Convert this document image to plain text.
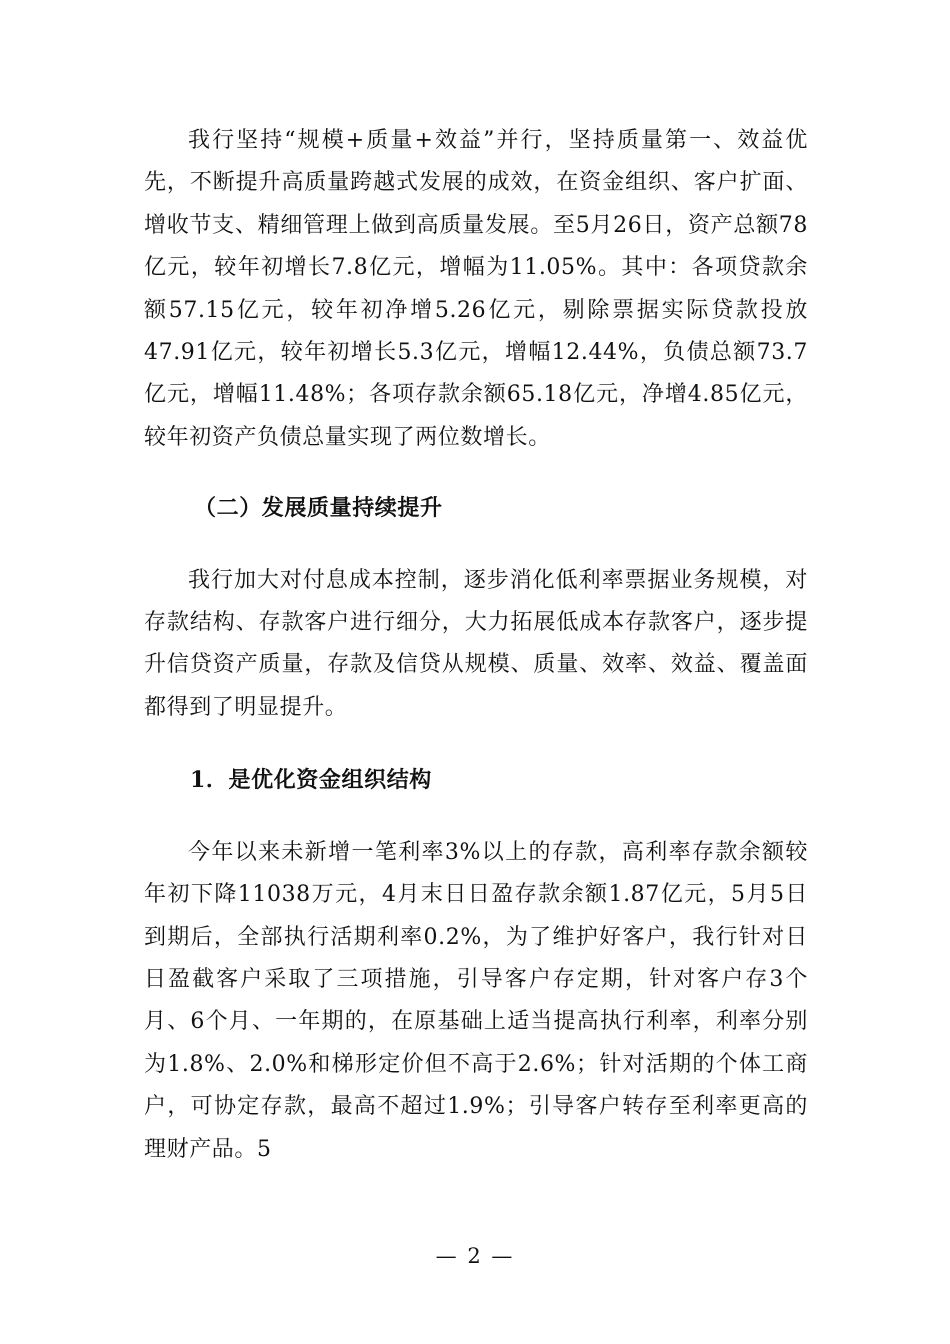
我行坚持“规模+质量+效益”并行，坚持质量第一、效益优先，不断提升高质量跨越式发展的成效，在资金组织、客户扩面、增收节支、精细管理上做到高质量发展。至5月26日，资产总额78亿元，较年初增长7.8亿元，增幅为11.05%。其中：各项贷款余额57.15亿元，较年初净增5.26亿元，剔除票据实际贷款投放47.91亿元，较年初增长5.3亿元，增幅12.44%，负债总额73.7亿元，增幅11.48%；各项存款余额65.18亿元，净增4.85亿元，较年初资产负债总量实现了两位数增长。

（二）发展质量持续提升

我行加大对付息成本控制，逐步消化低利率票据业务规模，对存款结构、存款客户进行细分，大力拓展低成本存款客户，逐步提升信贷资产质量，存款及信贷从规模、质量、效率、效益、覆盖面都得到了明显提升。

1．是优化资金组织结构

今年以来未新增一笔利率3%以上的存款，高利率存款余额较年初下降11038万元，4月末日日盈存款余额1.87亿元，5月5日到期后，全部执行活期利率0.2%，为了维护好客户，我行针对日日盈截客户采取了三项措施，引导客户存定期，针对客户存3个月、6个月、一年期的，在原基础上适当提高执行利率，利率分别为1.8%、2.0%和梯形定价但不高于2.6%；针对活期的个体工商户，可协定存款，最高不超过1.9%；引导客户转存至利率更高的理财产品。5

— 2 —
